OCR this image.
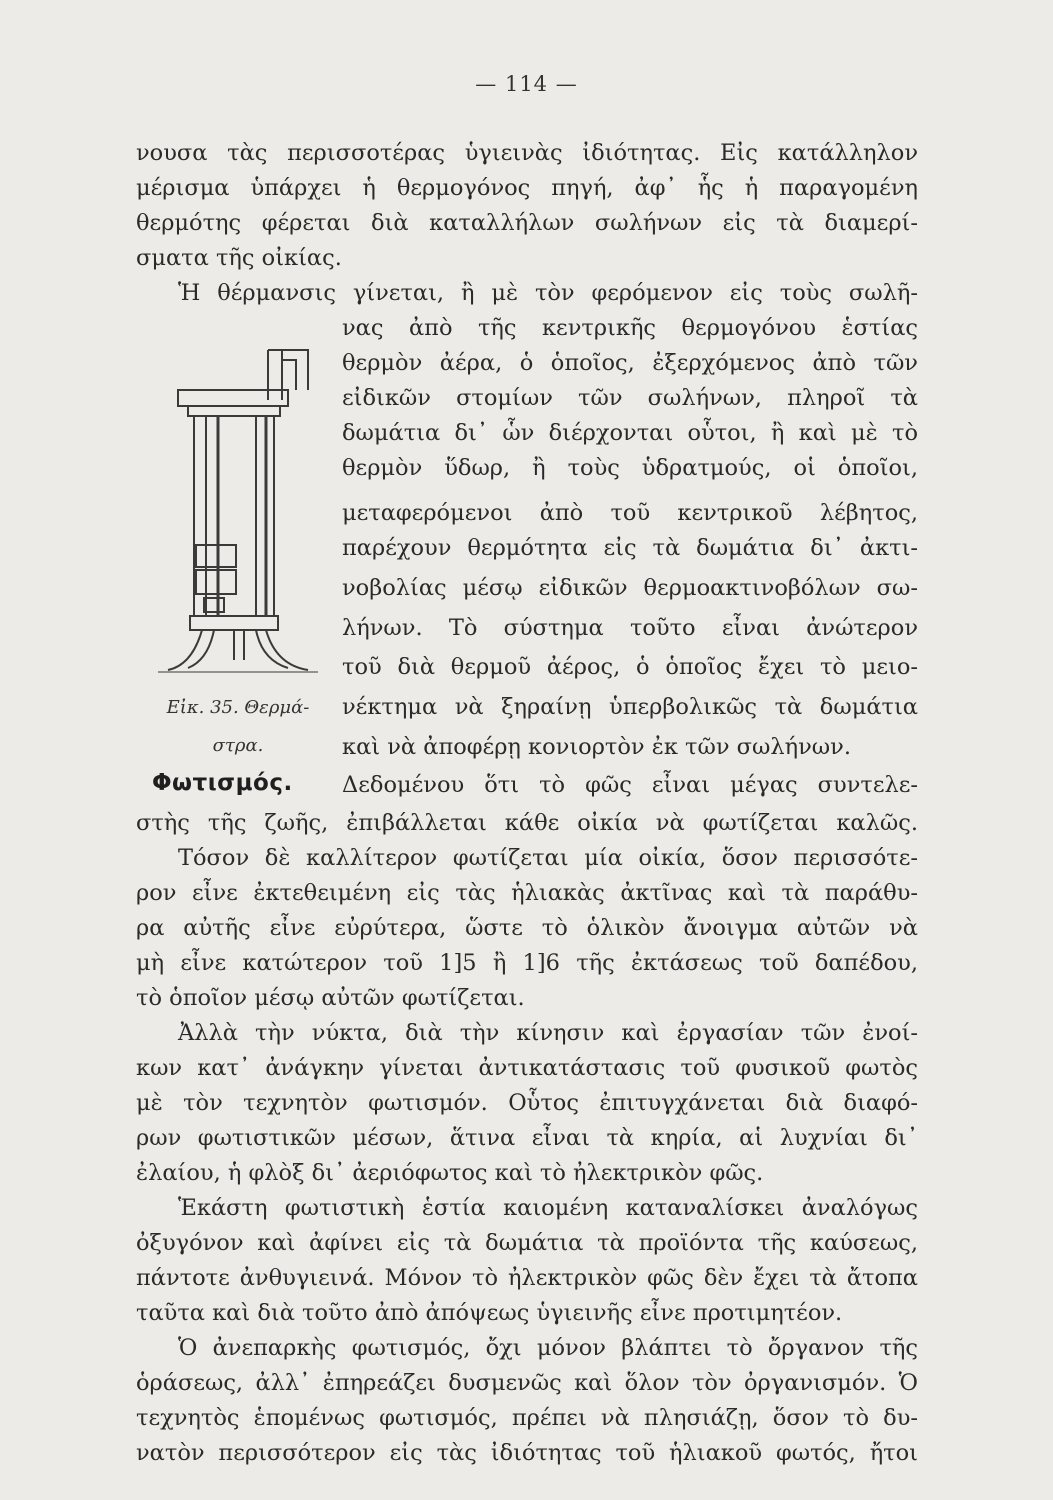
— 114 —
νουσα τὰς περισσοτέρας ὑγιεινὰς ἰδιότητας. Εἰς κατάλληλον
μέρισμα ὑπάρχει ἡ θερμογόνος πηγή, ἀφ᾽ ἧς ἡ παραγομένη
θερμότης φέρεται διὰ καταλλήλων σωλήνων εἰς τὰ διαμερί-
σματα τῆς οἰκίας.
Ἡ θέρμανσις γίνεται, ἢ μὲ τὸν φερόμενον εἰς τοὺς σωλῆ-
νας ἀπὸ τῆς κεντρικῆς θερμογόνου ἑστίας
θερμὸν ἀέρα, ὁ ὁποῖος, ἐξερχόμενος ἀπὸ τῶν
εἰδικῶν στομίων τῶν σωλήνων, πληροῖ τὰ
δωμάτια δι᾽ ὧν διέρχονται οὗτοι, ἢ καὶ μὲ τὸ
θερμὸν ὕδωρ, ἢ τοὺς ὑδρατμούς, οἱ ὁποῖοι,
μεταφερόμενοι ἀπὸ τοῦ κεντρικοῦ λέβητος,
παρέχουν θερμότητα εἰς τὰ δωμάτια δι᾽ ἀκτι-
νοβολίας μέσῳ εἰδικῶν θερμοακτινοβόλων σω-
λήνων. Τὸ σύστημα τοῦτο εἶναι ἀνώτερον
τοῦ διὰ θερμοῦ ἀέρος, ὁ ὁποῖος ἔχει τὸ μειο-
νέκτημα νὰ ξηραίνῃ ὑπερβολικῶς τὰ δωμάτια
καὶ νὰ ἀποφέρῃ κονιορτὸν ἐκ τῶν σωλήνων.
Εἰκ. 35. Θερμά-
στρα.
Φωτισμός. Δεδομένου ὅτι τὸ φῶς εἶναι μέγας συντελε-
στὴς τῆς ζωῆς, ἐπιβάλλεται κάθε οἰκία νὰ φωτίζεται καλῶς.
Τόσον δὲ καλλίτερον φωτίζεται μία οἰκία, ὅσον περισσότε-
ρον εἶνε ἐκτεθειμένη εἰς τὰς ἡλιακὰς ἀκτῖνας καὶ τὰ παράθυ-
ρα αὐτῆς εἶνε εὐρύτερα, ὥστε τὸ ὁλικὸν ἄνοιγμα αὐτῶν νὰ
μὴ εἶνε κατώτερον τοῦ 1]5 ἢ 1]6 τῆς ἐκτάσεως τοῦ δαπέδου,
τὸ ὁποῖον μέσῳ αὐτῶν φωτίζεται.
Ἀλλὰ τὴν νύκτα, διὰ τὴν κίνησιν καὶ ἐργασίαν τῶν ἐνοί-
κων κατ᾽ ἀνάγκην γίνεται ἀντικατάστασις τοῦ φυσικοῦ φωτὸς
μὲ τὸν τεχνητὸν φωτισμόν. Οὗτος ἐπιτυγχάνεται διὰ διαφό-
ρων φωτιστικῶν μέσων, ἅτινα εἶναι τὰ κηρία, αἱ λυχνίαι δι᾽
ἐλαίου, ἡ φλὸξ δι᾽ ἀεριόφωτος καὶ τὸ ἠλεκτρικὸν φῶς.
Ἑκάστη φωτιστικὴ ἑστία καιομένη καταναλίσκει ἀναλόγως
ὀξυγόνον καὶ ἀφίνει εἰς τὰ δωμάτια τὰ προϊόντα τῆς καύσεως,
πάντοτε ἀνθυγιεινά. Μόνον τὸ ἠλεκτρικὸν φῶς δὲν ἔχει τὰ ἄτοπα
ταῦτα καὶ διὰ τοῦτο ἀπὸ ἀπόψεως ὑγιεινῆς εἶνε προτιμητέον.
Ὁ ἀνεπαρκὴς φωτισμός, ὄχι μόνον βλάπτει τὸ ὄργανον τῆς
ὁράσεως, ἀλλ᾽ ἐπηρεάζει δυσμενῶς καὶ ὅλον τὸν ὀργανισμόν. Ὁ
τεχνητὸς ἑπομένως φωτισμός, πρέπει νὰ πλησιάζῃ, ὅσον τὸ δυ-
νατὸν περισσότερον εἰς τὰς ἰδιότητας τοῦ ἡλιακοῦ φωτός, ἤτοι
